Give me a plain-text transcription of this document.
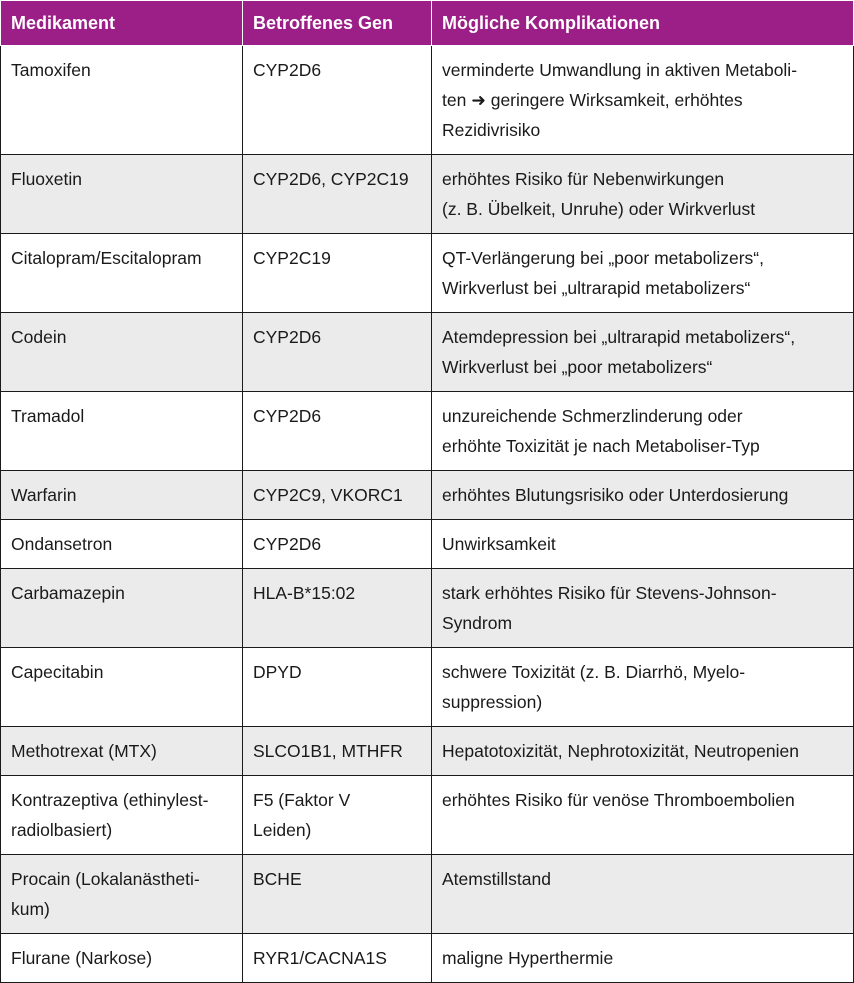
Medikament	Betroffenes Gen	Mögliche Komplikationen
Tamoxifen	CYP2D6	verminderte Umwandlung in aktiven Metaboli-
ten ➜ geringere Wirksamkeit, erhöhtes
Rezidivrisiko

Fluoxetin	CYP2D6, CYP2C19	erhöhtes Risiko für Nebenwirkungen
(z. B. Übelkeit, Unruhe) oder Wirkverlust

Citalopram/Escitalopram	CYP2C19	QT-Verlängerung bei „poor metabolizers“,
Wirkverlust bei „ultrarapid metabolizers“

Codein	CYP2D6	Atemdepression bei „ultrarapid metabolizers“,
Wirkverlust bei „poor metabolizers“

Tramadol	CYP2D6	unzureichende Schmerzlinderung oder
erhöhte Toxizität je nach Metaboliser-Typ

Warfarin	CYP2C9, VKORC1	erhöhtes Blutungsrisiko oder Unterdosierung

Ondansetron	CYP2D6	Unwirksamkeit

Carbamazepin	HLA-B*15:02	stark erhöhtes Risiko für Stevens-Johnson-
Syndrom

Capecitabin	DPYD	schwere Toxizität (z. B. Diarrhö, Myelo-
suppression)

Methotrexat (MTX)	SLCO1B1, MTHFR	Hepatotoxizität, Nephrotoxizität, Neutropenien

Kontrazeptiva (ethinylest-
radiolbasiert)	F5 (Faktor V
Leiden)	erhöhtes Risiko für venöse Thromboembolien

Procain (Lokalanästheti-
kum)	BCHE	Atemstillstand

Flurane (Narkose)	RYR1/CACNA1S	maligne Hyperthermie
